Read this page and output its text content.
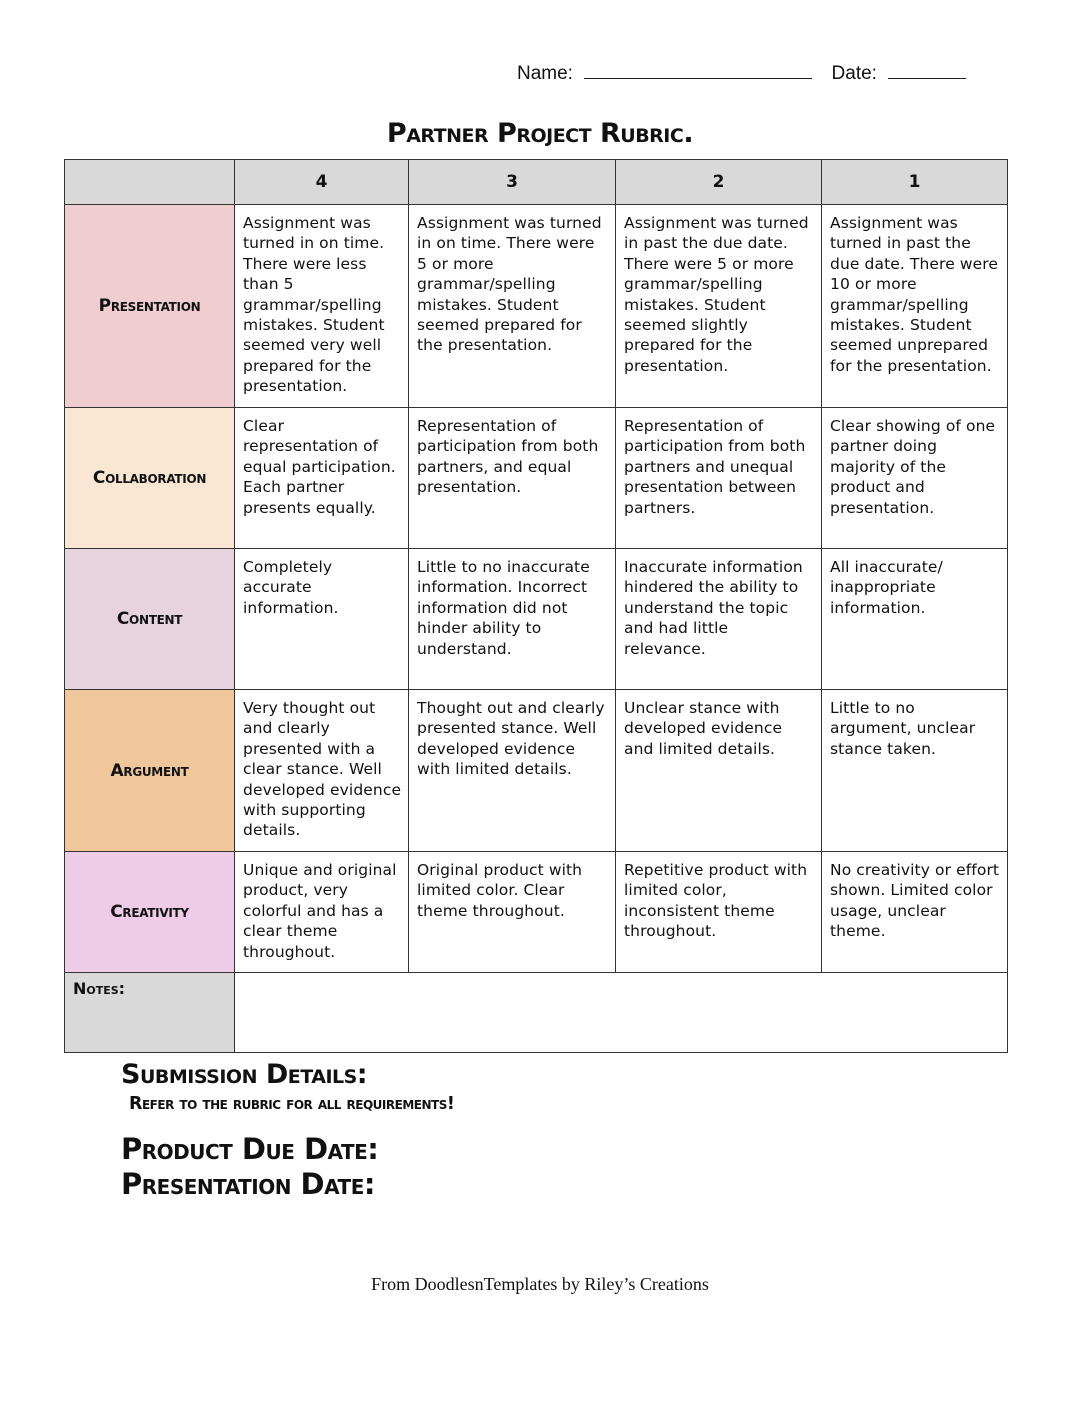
Name:	Date:
Partner Project Rubric.
	4	3	2	1
Presentation	Assignment was turned in on time. There were less than 5 grammar/spelling mistakes. Student seemed very well prepared for the presentation.	Assignment was turned in on time. There were 5 or more grammar/spelling mistakes. Student seemed prepared for the presentation.	Assignment was turned in past the due date. There were 5 or more grammar/spelling mistakes. Student seemed slightly prepared for the presentation.	Assignment was turned in past the due date. There were 10 or more grammar/spelling mistakes. Student seemed unprepared for the presentation.
Collaboration	Clear representation of equal participation. Each partner presents equally.	Representation of participation from both partners, and equal presentation.	Representation of participation from both partners and unequal presentation between partners.	Clear showing of one partner doing majority of the product and presentation.
Content	Completely accurate information.	Little to no inaccurate information. Incorrect information did not hinder ability to understand.	Inaccurate information hindered the ability to understand the topic and had little relevance.	All inaccurate/ inappropriate information.
Argument	Very thought out and clearly presented with a clear stance. Well developed evidence with supporting details.	Thought out and clearly presented stance. Well developed evidence with limited details.	Unclear stance with developed evidence and limited details.	Little to no argument, unclear stance taken.
Creativity	Unique and original product, very colorful and has a clear theme throughout.	Original product with limited color. Clear theme throughout.	Repetitive product with limited color, inconsistent theme throughout.	No creativity or effort shown. Limited color usage, unclear theme.
Notes:				
Submission Details:
Refer to the rubric for all requirements!
Product Due Date:
Presentation Date:
From DoodlesnTemplates by Riley’s Creations
